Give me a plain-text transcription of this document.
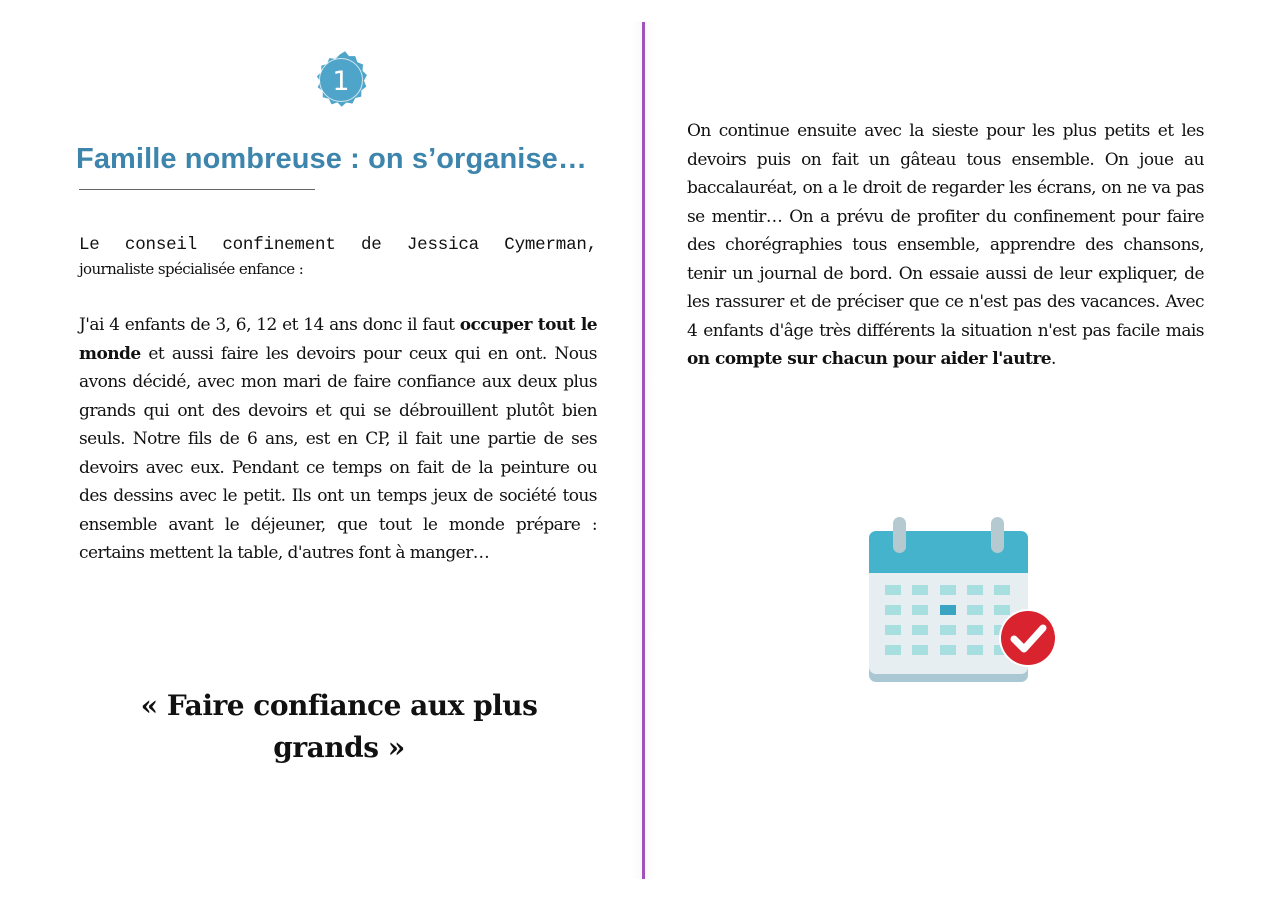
1
Famille nombreuse : on s’organise…
Le conseil confinement de Jessica Cymerman,
journaliste spécialisée enfance :
J'ai 4 enfants de 3, 6, 12 et 14 ans donc il faut occuper tout le monde et aussi faire les devoirs pour ceux qui en ont. Nous avons décidé, avec mon mari de faire confiance aux deux plus grands qui ont des devoirs et qui se débrouillent plutôt bien seuls. Notre fils de 6 ans, est en CP, il fait une partie de ses devoirs avec eux. Pendant ce temps on fait de la peinture ou des dessins avec le petit. Ils ont un temps jeux de société tous ensemble avant le déjeuner, que tout le monde prépare : certains mettent la table, d'autres font à manger…
« Faire confiance aux plus
grands »
On continue ensuite avec la sieste pour les plus petits et les devoirs puis on fait un gâteau tous ensemble. On joue au baccalauréat, on a le droit de regarder les écrans, on ne va pas se mentir… On a prévu de profiter du confinement pour faire des chorégraphies tous ensemble, apprendre des chansons, tenir un journal de bord. On essaie aussi de leur expliquer, de les rassurer et de préciser que ce n'est pas des vacances. Avec 4 enfants d'âge très différents la situation n'est pas facile mais on compte sur chacun pour aider l'autre.
